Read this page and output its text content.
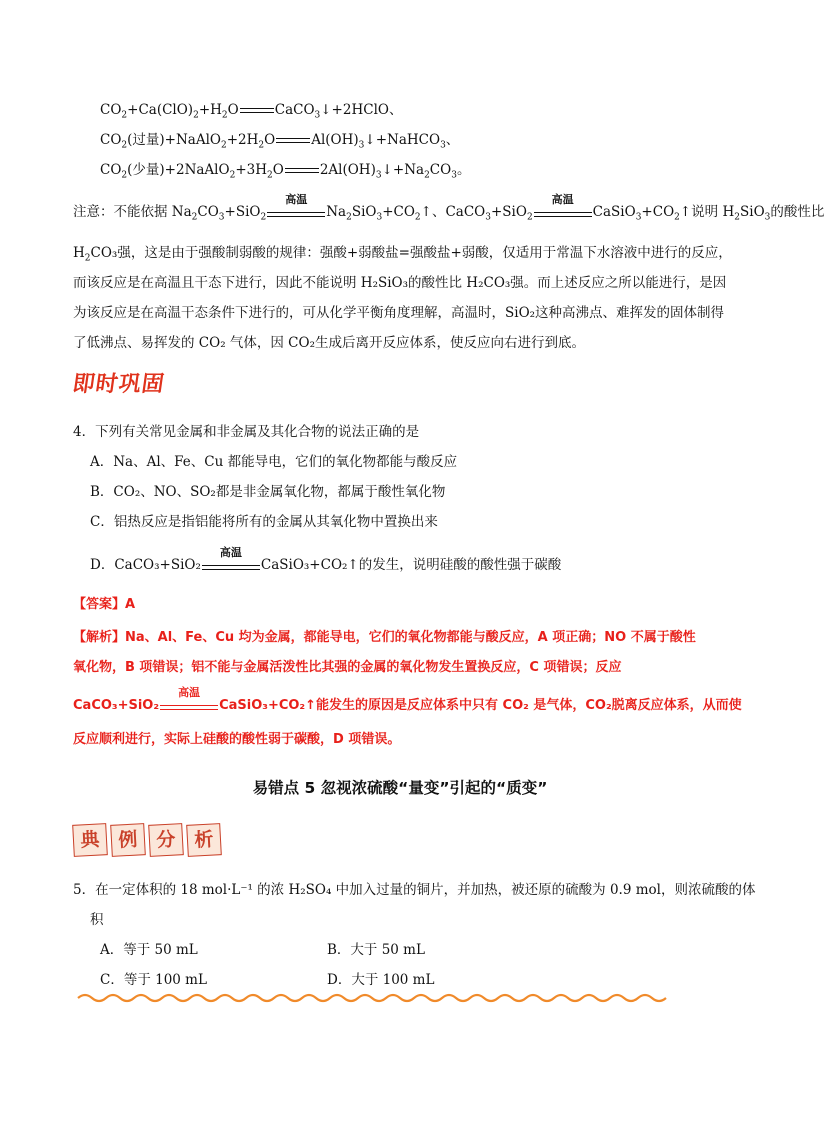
$CO_2+Ca(ClO)_2+H_2O$	CaCO$_3$↓+2HClO、
$CO_2$(过量)$+NaAlO_2+2H_2O$	$Al(OH)_3↓+NaHCO_3$、
$CO_2$(少量)$+2NaAlO_2+3H_2O$	$2Al(OH)_3↓+Na_2CO_3$。
注意：不能依据 $Na_2CO_3+SiO_2$
高温
$Na_2SiO_3+CO_2↑$、CaCO$_3$+SiO$_2$
高温
$CaSiO_3+CO_2↑$说明 $H_2SiO_3$的酸性比
$H_2CO_3$强，这是由于强酸制弱酸的规律：强酸+弱酸盐=强酸盐+弱酸，仅适用于常温下水溶液中进行的反应，
而该反应是在高温且干态下进行，因此不能说明 H₂SiO₃的酸性比 H₂CO₃强。而上述反应之所以能进行，是因
为该反应是在高温干态条件下进行的，可从化学平衡角度理解，高温时，SiO₂这种高沸点、难挥发的固体制得
了低沸点、易挥发的 CO₂ 气体，因 CO₂生成后离开反应体系，使反应向右进行到底。
即时巩固
4．下列有关常见金属和非金属及其化合物的说法正确的是
A．Na、Al、Fe、Cu 都能导电，它们的氧化物都能与酸反应
B．CO₂、NO、SO₂都是非金属氧化物，都属于酸性氧化物
C．铝热反应是指铝能将所有的金属从其氧化物中置换出来
D．CaCO₃+SiO₂
高温
CaSiO₃+CO₂↑的发生，说明硅酸的酸性强于碳酸
【答案】A
【解析】Na、Al、Fe、Cu 均为金属，都能导电，它们的氧化物都能与酸反应，A 项正确；NO 不属于酸性
氧化物，B 项错误；铝不能与金属活泼性比其强的金属的氧化物发生置换反应，C 项错误；反应
CaCO₃+SiO₂
高温
CaSiO₃+CO₂↑能发生的原因是反应体系中只有 CO₂ 是气体，CO₂脱离反应体系，从而使
反应顺利进行，实际上硅酸的酸性弱于碳酸，D 项错误。
易错点 5 忽视浓硫酸“量变”引起的“质变”
典 例 分 析
5．在一定体积的 18 mol·L⁻¹ 的浓 H₂SO₄ 中加入过量的铜片，并加热，被还原的硫酸为 0.9 mol，则浓硫酸的体
积
A．等于 50 mL	B．大于 50 mL
C．等于 100 mL	D．大于 100 mL
